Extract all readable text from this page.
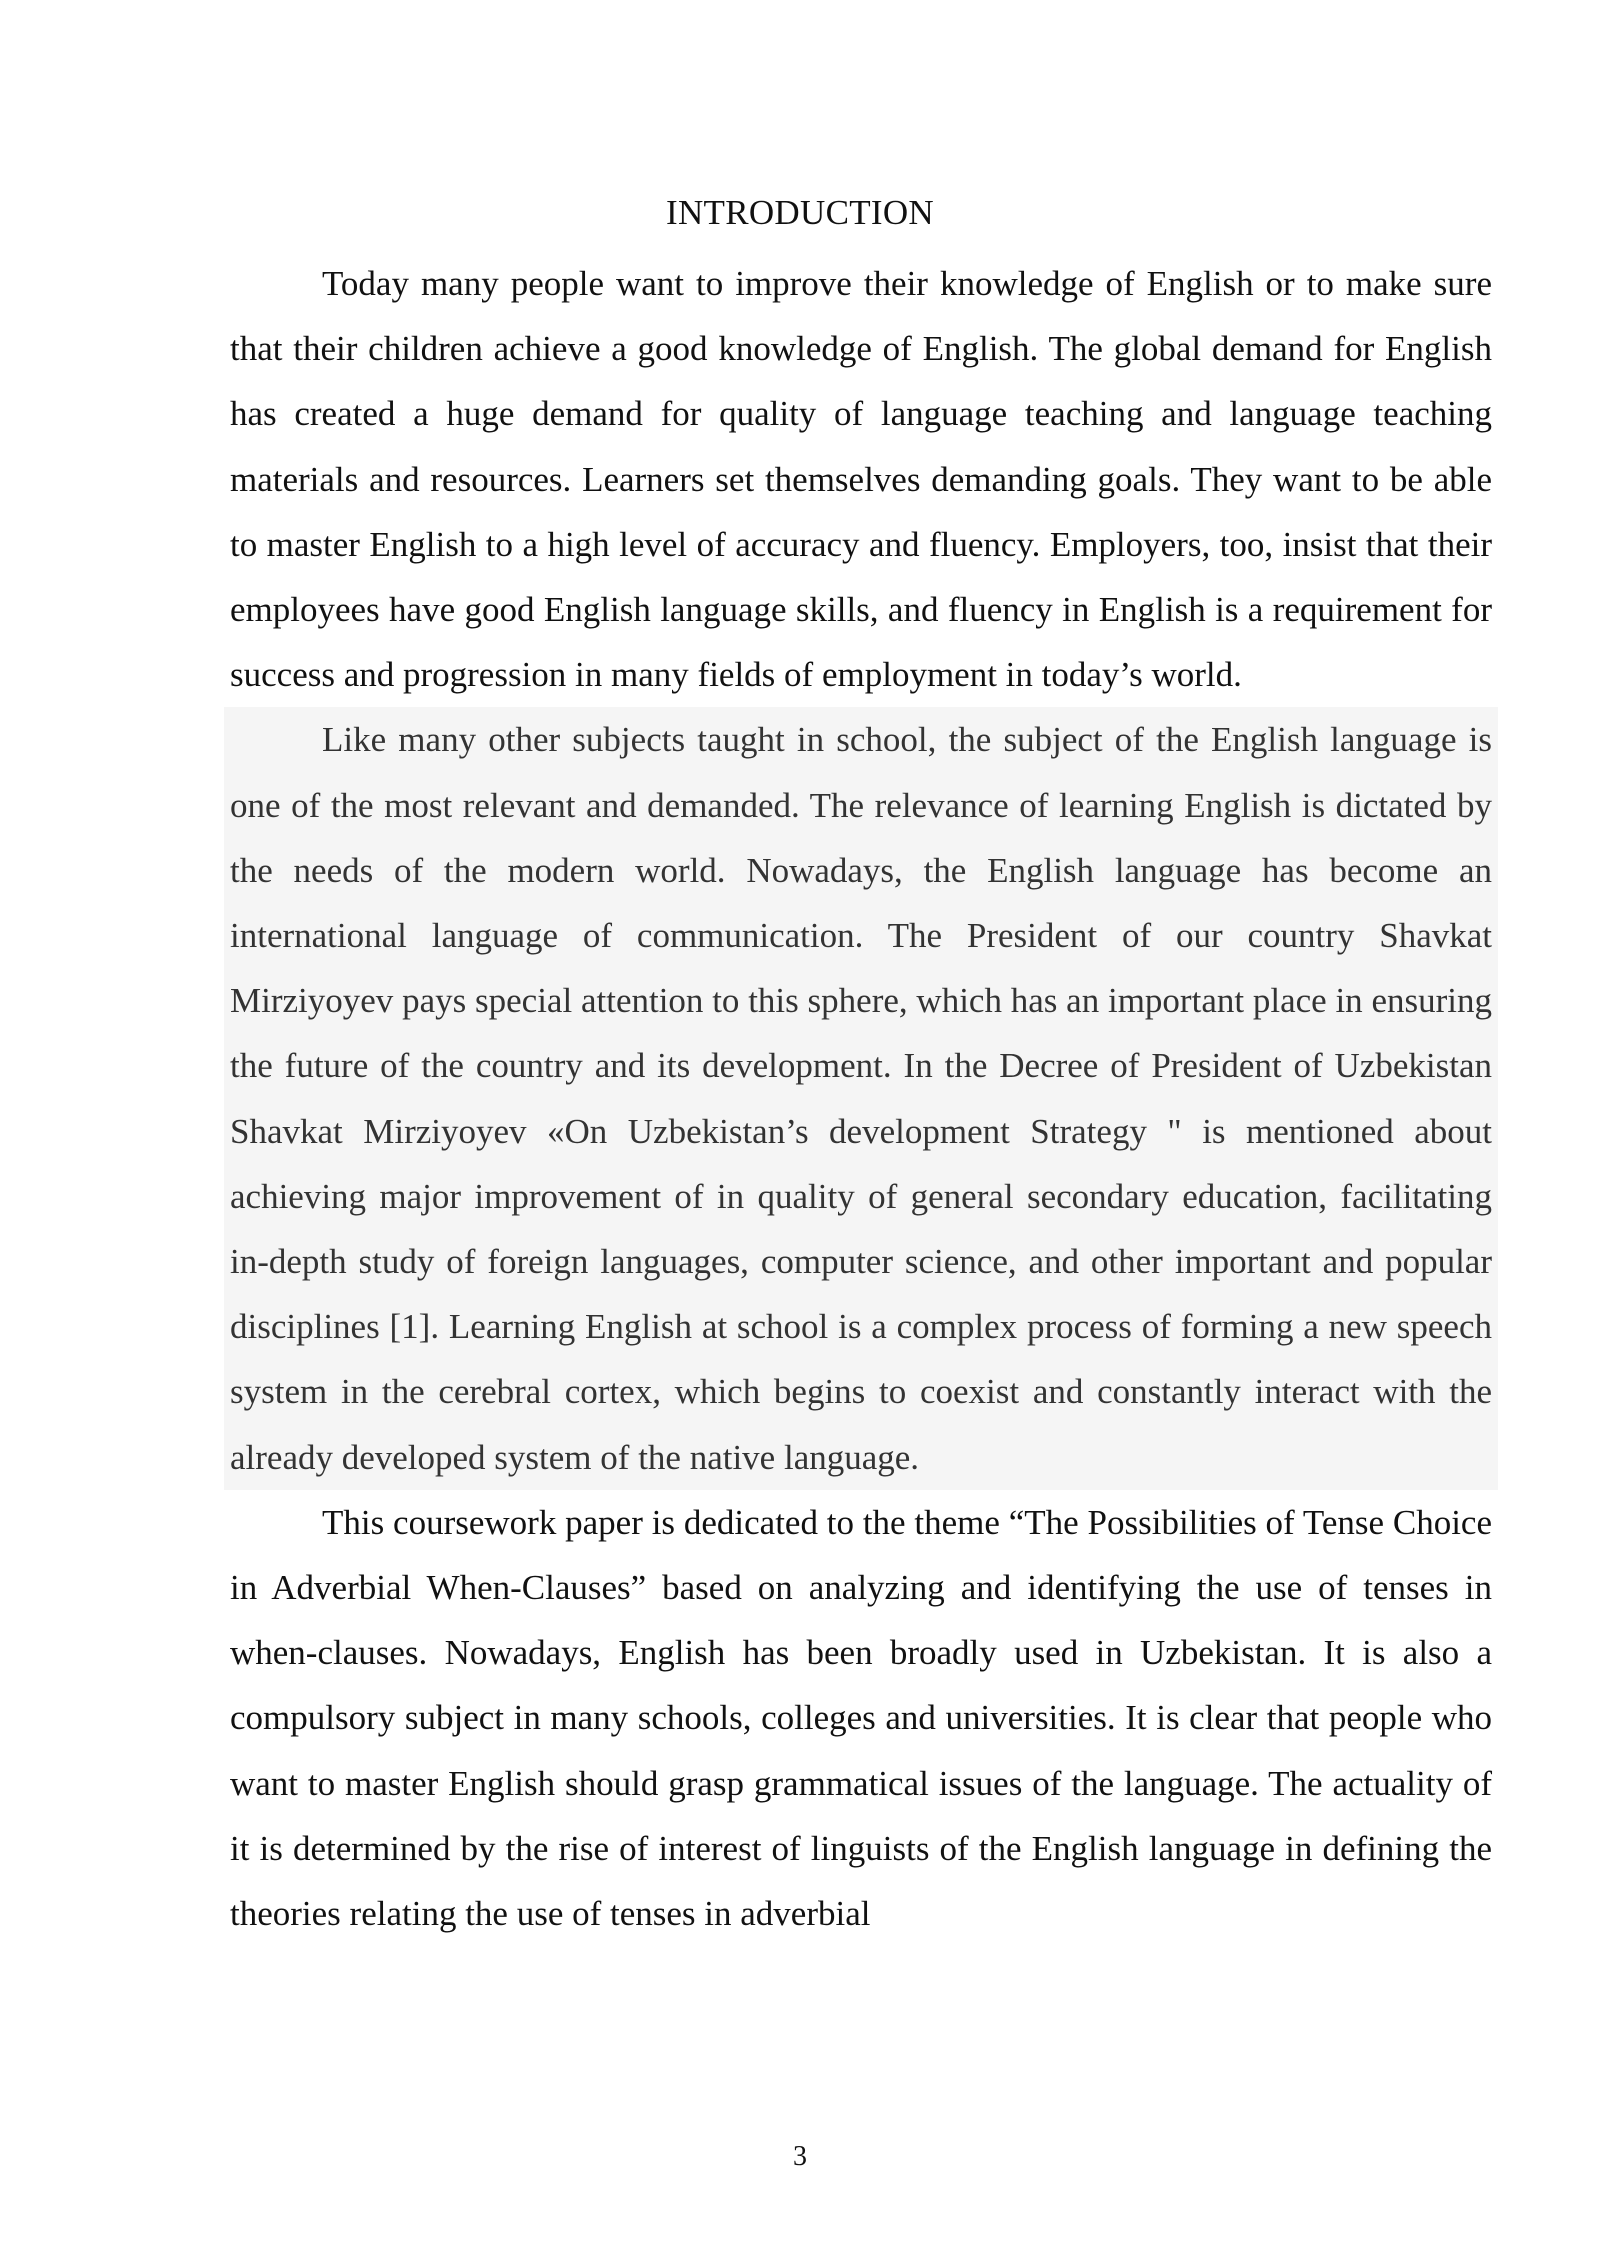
INTRODUCTION

Today many people want to improve their knowledge of English or to make sure that their children achieve a good knowledge of English. The global demand for English has created a huge demand for quality of language teaching and language teaching materials and resources. Learners set themselves demanding goals. They want to be able to master English to a high level of accuracy and fluency. Employers, too, insist that their employees have good English language skills, and fluency in English is a requirement for success and progression in many fields of employment in today’s world.

Like many other subjects taught in school, the subject of the English language is one of the most relevant and demanded. The relevance of learning English is dictated by the needs of the modern world. Nowadays, the English language has become an international language of communication. The President of our country Shavkat Mirziyoyev pays special attention to this sphere, which has an important place in ensuring the future of the country and its development. In the Decree of President of Uzbekistan Shavkat Mirziyoyev «On Uzbekistan’s development Strategy " is mentioned about achieving major improvement of in quality of general secondary education, facilitating in-depth study of foreign languages, computer science, and other important and popular disciplines [1]. Learning English at school is a complex process of forming a new speech system in the cerebral cortex, which begins to coexist and constantly interact with the already developed system of the native language.

This coursework paper is dedicated to the theme “The Possibilities of Tense Choice in Adverbial When-Clauses” based on analyzing and identifying the use of tenses in when-clauses. Nowadays, English has been broadly used in Uzbekistan. It is also a compulsory subject in many schools, colleges and universities. It is clear that people who want to master English should grasp grammatical issues of the language. The actuality of it is determined by the rise of interest of linguists of the English language in defining the theories relating the use of tenses in adverbial

3
